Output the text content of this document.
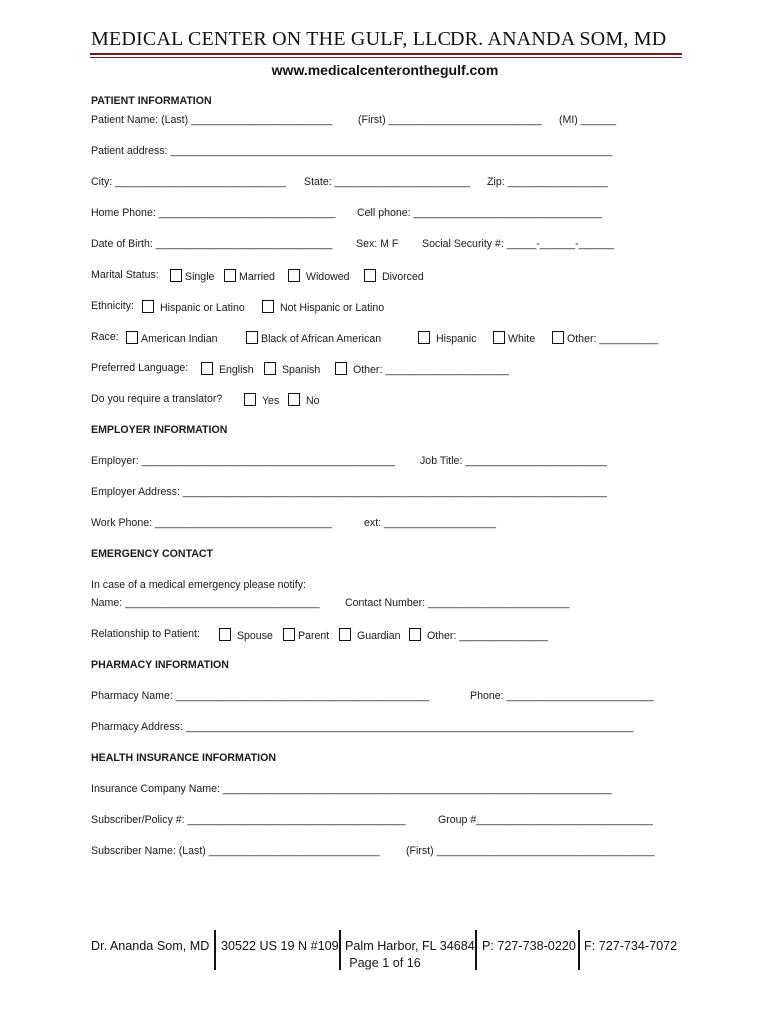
MEDICAL CENTER ON THE GULF, LLC
DR. ANANDA SOM, MD
www.medicalcenteronthegulf.com
PATIENT INFORMATION
Patient Name: (Last) ________________________ (First) __________________________ (MI) ______
Patient address: ___________________________________________________________________________
City: _____________________________ State: _______________________ Zip: _________________
Home Phone: ______________________________ Cell phone: ________________________________
Date of Birth: ______________________________ Sex: M F Social Security #: _____-______-______
Marital Status:	Single	Married	Widowed	Divorced
Ethnicity:	Hispanic or Latino	Not Hispanic or Latino
Race:	American Indian	Black of African American	Hispanic	White	Other: __________
Preferred Language:	English	Spanish	Other: _____________________
Do you require a translator?	Yes	No
EMPLOYER INFORMATION
Employer: ___________________________________________ Job Title: ________________________
Employer Address: ________________________________________________________________________
Work Phone: ______________________________	ext: ___________________
EMERGENCY CONTACT
In case of a medical emergency please notify:
Name: _________________________________ Contact Number: ________________________
Relationship to Patient:	Spouse	Parent	Guardian	Other: _______________
PHARMACY INFORMATION
Pharmacy Name: ___________________________________________	Phone: _________________________
Pharmacy Address: ____________________________________________________________________________
HEALTH INSURANCE INFORMATION
Insurance Company Name: __________________________________________________________________
Subscriber/Policy #: _____________________________________	Group #______________________________
Subscriber Name: (Last) _____________________________ (First) _____________________________________
Dr. Ananda Som, MD 30522 US 19 N #109 Palm Harbor, FL 34684 P: 727-738-0220 F: 727-734-7072
Page 1 of 16
